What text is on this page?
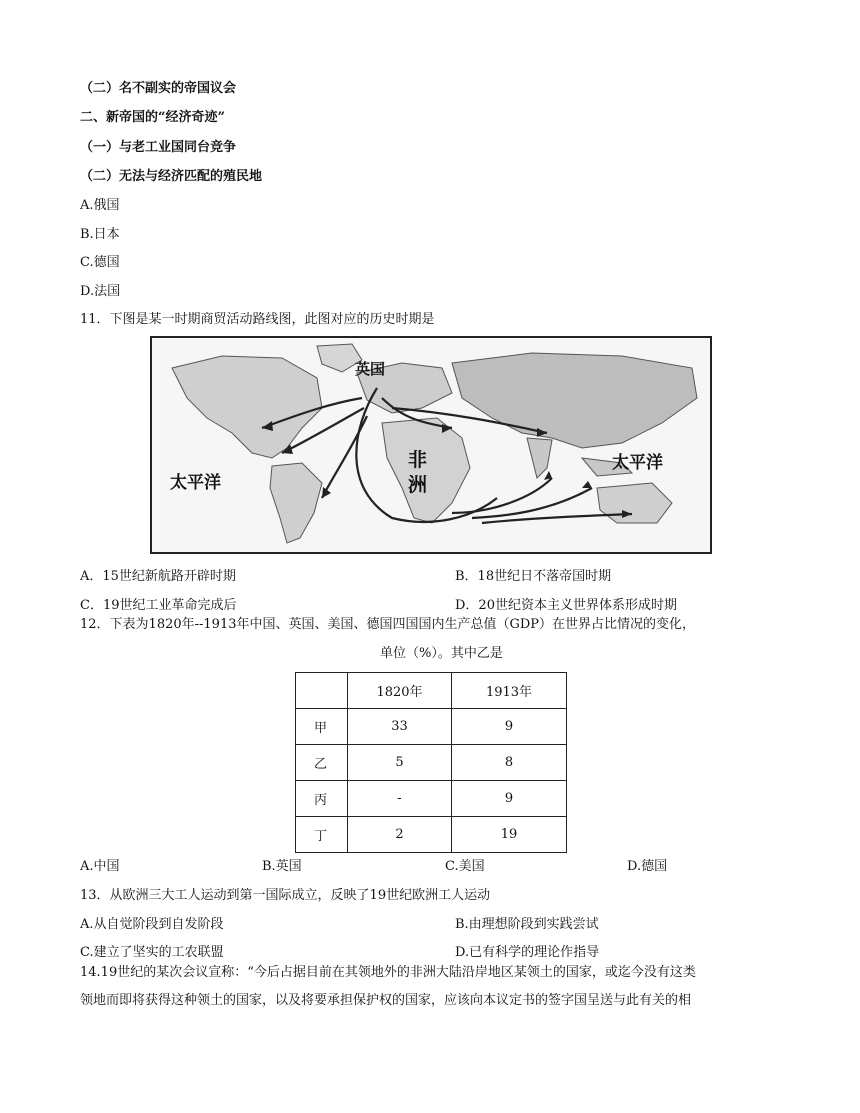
（二）名不副实的帝国议会
二、新帝国的“经济奇迹”
（一）与老工业国同台竞争
（二）无法与经济匹配的殖民地
A.俄国
B.日本
C.德国
D.法国
11．下图是某一时期商贸活动路线图，此图对应的历史时期是
英国
非
洲
太平洋
太平洋
A．15世纪新航路开辟时期	B．18世纪日不落帝国时期
C．19世纪工业革命完成后	D．20世纪资本主义世界体系形成时期
12．下表为1820年--1913年中国、英国、美国、德国四国国内生产总值（GDP）在世界占比情况的变化，
单位（%）。其中乙是
	1820年	1913年
甲	33	9
乙	5	8
丙	-	9
丁	2	19
A.中国	B.英国	C.美国	D.德国
13．从欧洲三大工人运动到第一国际成立，反映了19世纪欧洲工人运动
A.从自觉阶段到自发阶段	B.由理想阶段到实践尝试
C.建立了坚实的工农联盟	D.已有科学的理论作指导
14.19世纪的某次会议宣称：“今后占据目前在其领地外的非洲大陆沿岸地区某领土的国家，或迄今没有这类
领地而即将获得这种领土的国家，以及将要承担保护权的国家，应该向本议定书的签字国呈送与此有关的相
